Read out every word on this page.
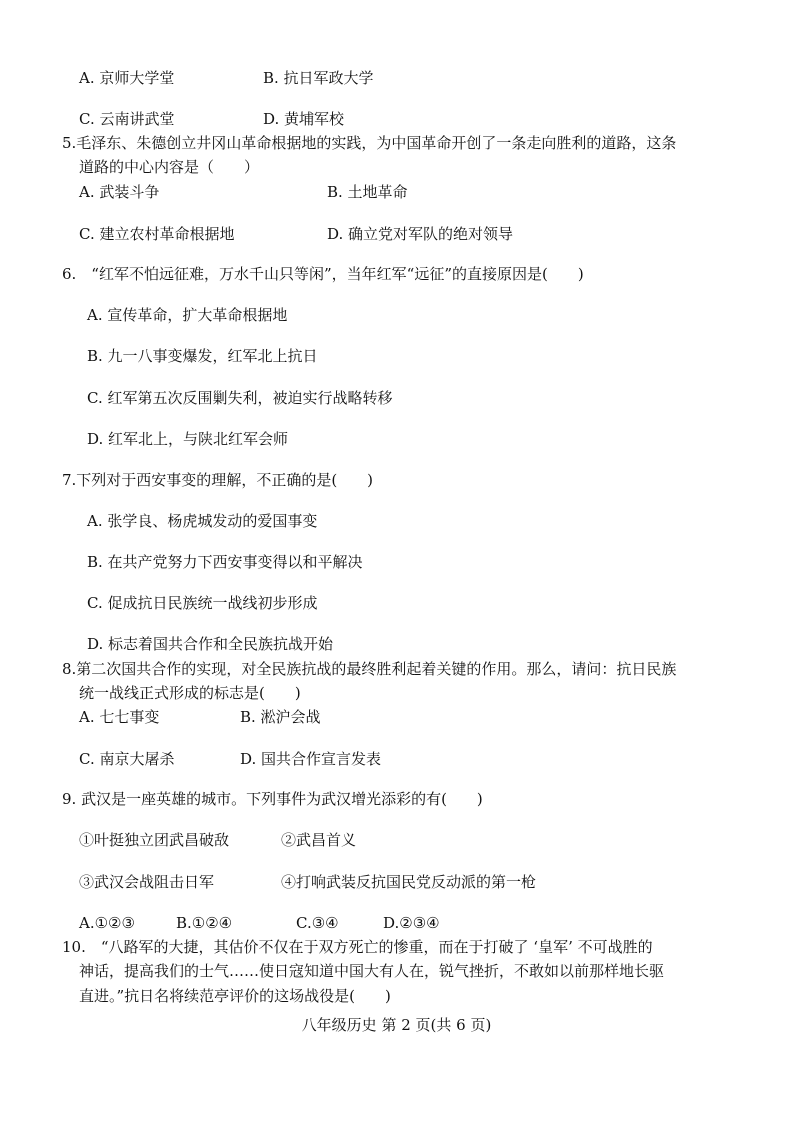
A. 京师大学堂	B. 抗日军政大学
C. 云南讲武堂	D. 黄埔军校
5.毛泽东、朱德创立井冈山革命根据地的实践，为中国革命开创了一条走向胜利的道路，这条
道路的中心内容是（　　）
A. 武装斗争	B. 土地革命
C. 建立农村革命根据地	D. 确立党对军队的绝对领导
6.　“红军不怕远征难，万水千山只等闲”，当年红军“远征”的直接原因是(　　)
A. 宣传革命，扩大革命根据地
B. 九一八事变爆发，红军北上抗日
C. 红军第五次反围剿失利，被迫实行战略转移
D. 红军北上，与陕北红军会师
7.下列对于西安事变的理解，不正确的是(　　)
A. 张学良、杨虎城发动的爱国事变
B. 在共产党努力下西安事变得以和平解决
C. 促成抗日民族统一战线初步形成
D. 标志着国共合作和全民族抗战开始
8.第二次国共合作的实现，对全民族抗战的最终胜利起着关键的作用。那么，请问：抗日民族
统一战线正式形成的标志是(　　)
A. 七七事变	B. 淞沪会战
C. 南京大屠杀	D. 国共合作宣言发表
9. 武汉是一座英雄的城市。下列事件为武汉增光添彩的有(　　)
①叶挺独立团武昌破敌	②武昌首义
③武汉会战阻击日军	④打响武装反抗国民党反动派的第一枪
A.①②③	B.①②④	C.③④	D.②③④
10.　“八路军的大捷，其估价不仅在于双方死亡的惨重，而在于打破了 ‘皇军’ 不可战胜的
神话，提高我们的士气……使日寇知道中国大有人在，锐气挫折，不敢如以前那样地长驱
直进。”抗日名将续范亭评价的这场战役是(　　)
八年级历史 第 2 页(共 6 页)
